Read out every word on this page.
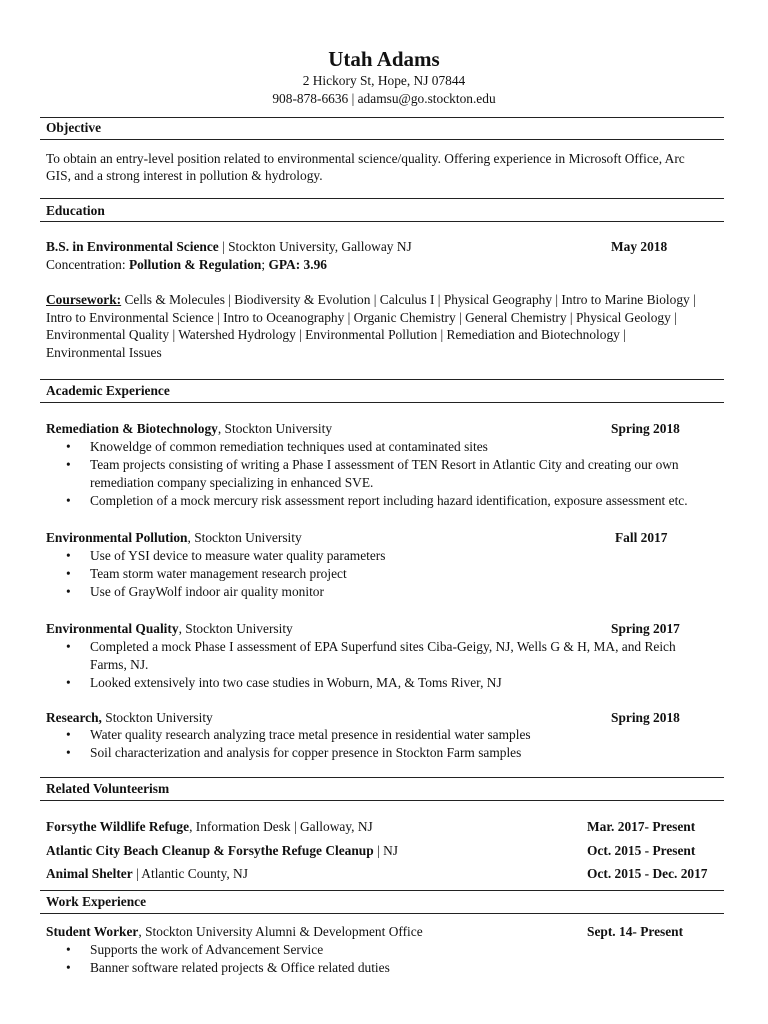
Utah Adams
2 Hickory St, Hope, NJ 07844
908-878-6636 | adamsu@go.stockton.edu
Objective
To obtain an entry-level position related to environmental science/quality. Offering experience in Microsoft Office, Arc
GIS, and a strong interest in pollution & hydrology.
Education
B.S. in Environmental Science | Stockton University, Galloway NJ	May 2018
Concentration: Pollution & Regulation; GPA: 3.96
Coursework: Cells & Molecules | Biodiversity & Evolution | Calculus I | Physical Geography | Intro to Marine Biology |
Intro to Environmental Science | Intro to Oceanography | Organic Chemistry | General Chemistry | Physical Geology |
Environmental Quality | Watershed Hydrology | Environmental Pollution | Remediation and Biotechnology |
Environmental Issues
Academic Experience
Remediation & Biotechnology, Stockton University	Spring 2018
• Knoweldge of common remediation techniques used at contaminated sites
• Team projects consisting of writing a Phase I assessment of TEN Resort in Atlantic City and creating our own remediation company specializing in enhanced SVE.
• Completion of a mock mercury risk assessment report including hazard identification, exposure assessment etc.
Environmental Pollution, Stockton University	Fall 2017
• Use of YSI device to measure water quality parameters
• Team storm water management research project
• Use of GrayWolf indoor air quality monitor
Environmental Quality, Stockton University	Spring 2017
• Completed a mock Phase I assessment of EPA Superfund sites Ciba-Geigy, NJ, Wells G & H, MA, and Reich Farms, NJ.
• Looked extensively into two case studies in Woburn, MA, & Toms River, NJ
Research, Stockton University	Spring 2018
• Water quality research analyzing trace metal presence in residential water samples
• Soil characterization and analysis for copper presence in Stockton Farm samples
Related Volunteerism
Forsythe Wildlife Refuge, Information Desk | Galloway, NJ	Mar. 2017- Present
Atlantic City Beach Cleanup & Forsythe Refuge Cleanup | NJ	Oct. 2015 - Present
Animal Shelter | Atlantic County, NJ	Oct. 2015 - Dec. 2017
Work Experience
Student Worker, Stockton University Alumni & Development Office	Sept. 14- Present
• Supports the work of Advancement Service
• Banner software related projects & Office related duties
